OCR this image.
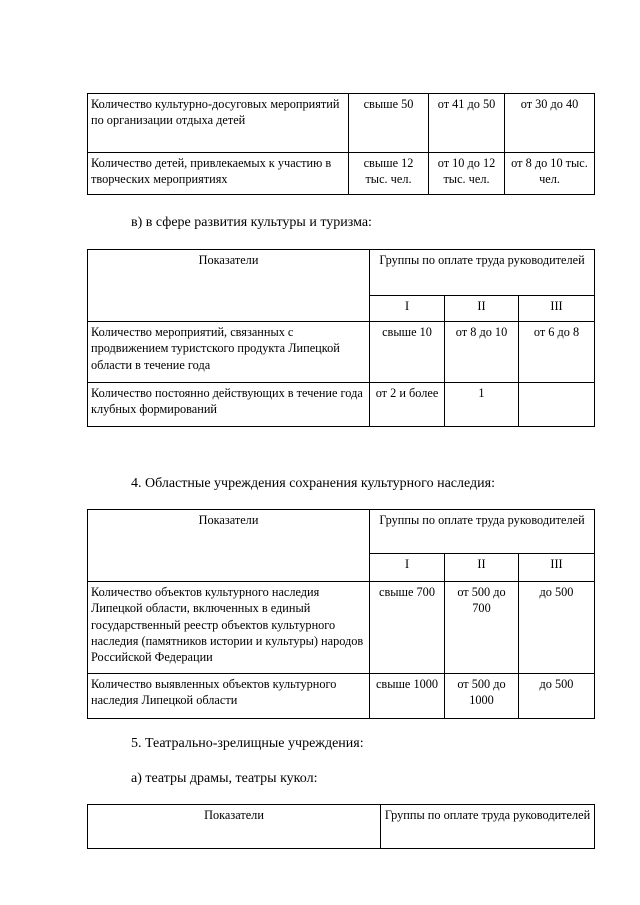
Количество культурно-досуговых мероприятий по организации отдыха детей	свыше 50	от 41 до 50	от 30 до 40
Количество детей, привлекаемых к участию в творческих мероприятиях	свыше 12 тыс. чел.	от 10 до 12 тыс. чел.	от 8 до 10 тыс. чел.
в) в сфере развития культуры и туризма:
Показатели	Группы по оплате труда руководителей		
	I	II	III
Количество мероприятий, связанных с продвижением туристского продукта Липецкой области в течение года	свыше 10	от 8 до 10	от 6 до 8
Количество постоянно действующих в течение года клубных формирований	от 2 и более	1	
4. Областные учреждения сохранения культурного наследия:
Показатели	Группы по оплате труда руководителей		
	I	II	III
Количество объектов культурного наследия Липецкой области, включенных в единый государственный реестр объектов культурного наследия (памятников истории и культуры) народов Российской Федерации	свыше 700	от 500 до 700	до 500
Количество выявленных объектов культурного наследия Липецкой области	свыше 1000	от 500 до 1000	до 500
5. Театрально-зрелищные учреждения:
а) театры драмы, театры кукол:
Показатели	Группы по оплате труда руководителей
